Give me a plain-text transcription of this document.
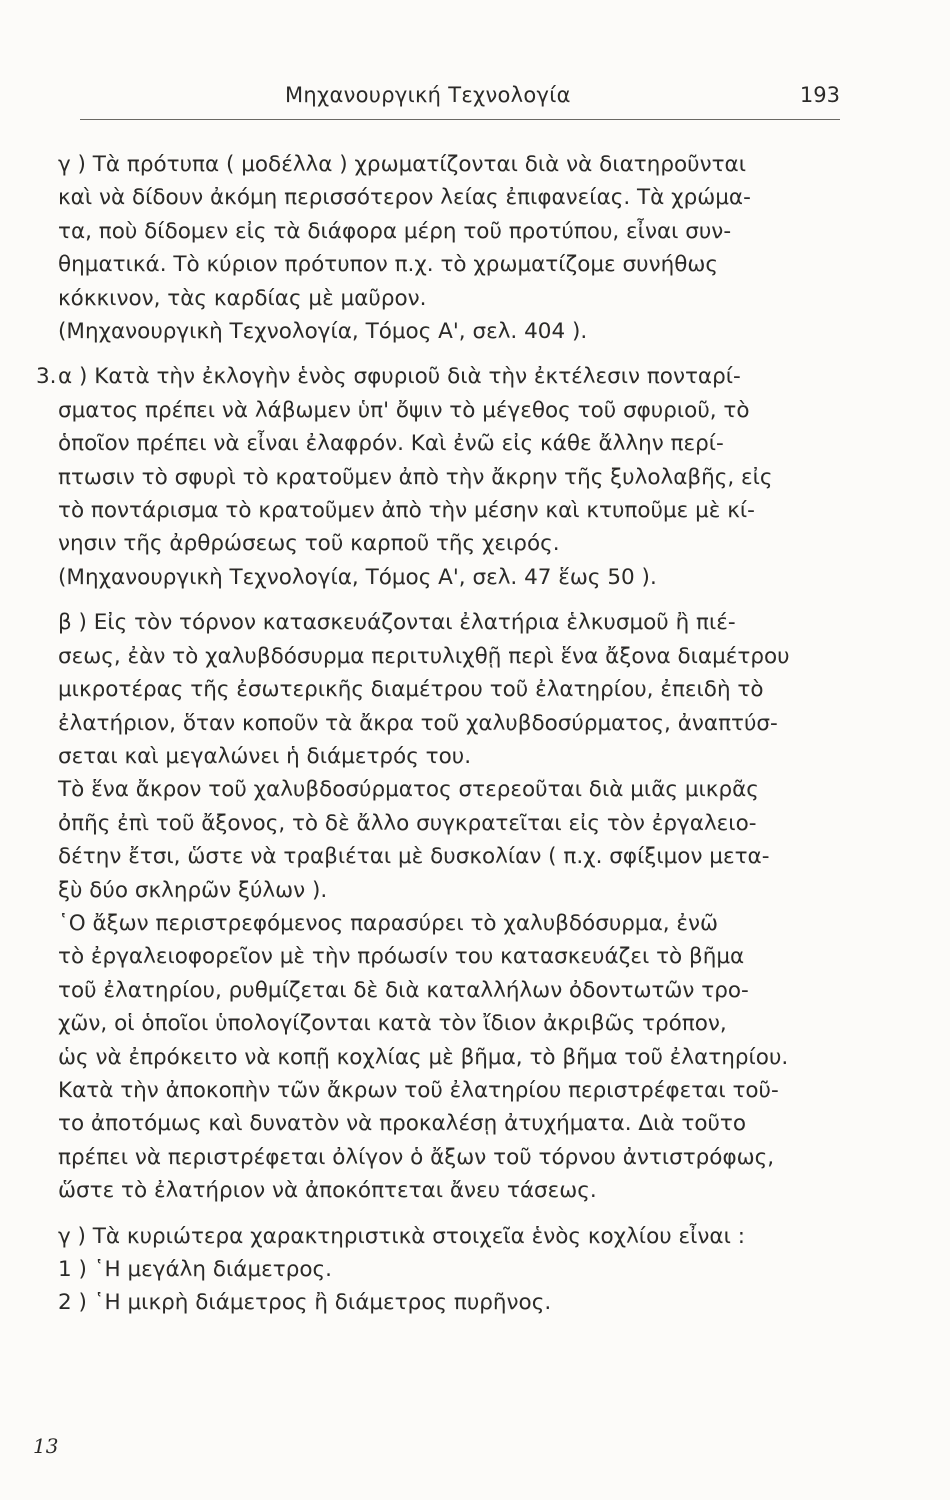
Μηχανουργική Τεχνολογία	193

γ ) Τὰ πρότυπα ( μοδέλλα ) χρωματίζονται διὰ νὰ διατηροῦνται

καὶ νὰ δίδουν ἀκόμη περισσότερον λείας ἐπιφανείας. Τὰ χρώμα-

τα, ποὺ δίδομεν εἰς τὰ διάφορα μέρη τοῦ προτύπου, εἶναι συν-

θηματικά. Τὸ κύριον πρότυπον π.χ. τὸ χρωματίζομε συνήθως

κόκκινον, τὰς καρδίας μὲ μαῦρον.

(Μηχανουργικὴ Τεχνολογία, Τόμος Α', σελ. 404 ).

3. α ) Κατὰ τὴν ἐκλογὴν ἑνὸς σφυριοῦ διὰ τὴν ἐκτέλεσιν πονταρί-

σματος πρέπει νὰ λάβωμεν ὑπ' ὄψιν τὸ μέγεθος τοῦ σφυριοῦ, τὸ

ὁποῖον πρέπει νὰ εἶναι ἐλαφρόν. Καὶ ἐνῶ εἰς κάθε ἄλλην περί-

πτωσιν τὸ σφυρὶ τὸ κρατοῦμεν ἀπὸ τὴν ἄκρην τῆς ξυλολαβῆς, εἰς

τὸ ποντάρισμα τὸ κρατοῦμεν ἀπὸ τὴν μέσην καὶ κτυποῦμε μὲ κί-

νησιν τῆς ἀρθρώσεως τοῦ καρποῦ τῆς χειρός.

(Μηχανουργικὴ Τεχνολογία, Τόμος Α', σελ. 47 ἕως 50 ).

β ) Εἰς τὸν τόρνον κατασκευάζονται ἐλατήρια ἑλκυσμοῦ ἢ πιέ-

σεως, ἐὰν τὸ χαλυβδόσυρμα περιτυλιχθῇ περὶ ἕνα ἄξονα διαμέτρου

μικροτέρας τῆς ἐσωτερικῆς διαμέτρου τοῦ ἐλατηρίου, ἐπειδὴ τὸ

ἐλατήριον, ὅταν κοποῦν τὰ ἄκρα τοῦ χαλυβδοσύρματος, ἀναπτύσ-

σεται καὶ μεγαλώνει ἡ διάμετρός του.

Τὸ ἕνα ἄκρον τοῦ χαλυβδοσύρματος στερεοῦται διὰ μιᾶς μικρᾶς

ὀπῆς ἐπὶ τοῦ ἄξονος, τὸ δὲ ἄλλο συγκρατεῖται εἰς τὸν ἐργαλειο-

δέτην ἔτσι, ὥστε νὰ τραβιέται μὲ δυσκολίαν ( π.χ. σφίξιμον μετα-

ξὺ δύο σκληρῶν ξύλων ).

῾Ο ἄξων περιστρεφόμενος παρασύρει τὸ χαλυβδόσυρμα, ἐνῶ

τὸ ἐργαλειοφορεῖον μὲ τὴν πρόωσίν του κατασκευάζει τὸ βῆμα

τοῦ ἐλατηρίου, ρυθμίζεται δὲ διὰ καταλλήλων ὀδοντωτῶν τρο-

χῶν, οἱ ὁποῖοι ὑπολογίζονται κατὰ τὸν ἴδιον ἀκριβῶς τρόπον,

ὡς νὰ ἐπρόκειτο νὰ κοπῇ κοχλίας μὲ βῆμα, τὸ βῆμα τοῦ ἐλατηρίου.

Κατὰ τὴν ἀποκοπὴν τῶν ἄκρων τοῦ ἐλατηρίου περιστρέφεται τοῦ-

το ἀποτόμως καὶ δυνατὸν νὰ προκαλέσῃ ἀτυχήματα. Διὰ τοῦτο

πρέπει νὰ περιστρέφεται ὀλίγον ὁ ἄξων τοῦ τόρνου ἀντιστρόφως,

ὥστε τὸ ἐλατήριον νὰ ἀποκόπτεται ἄνευ τάσεως.

γ ) Τὰ κυριώτερα χαρακτηριστικὰ στοιχεῖα ἑνὸς κοχλίου εἶναι :

1 ) ῾Η μεγάλη διάμετρος.

2 ) ῾Η μικρὴ διάμετρος ἢ διάμετρος πυρῆνος.

13
